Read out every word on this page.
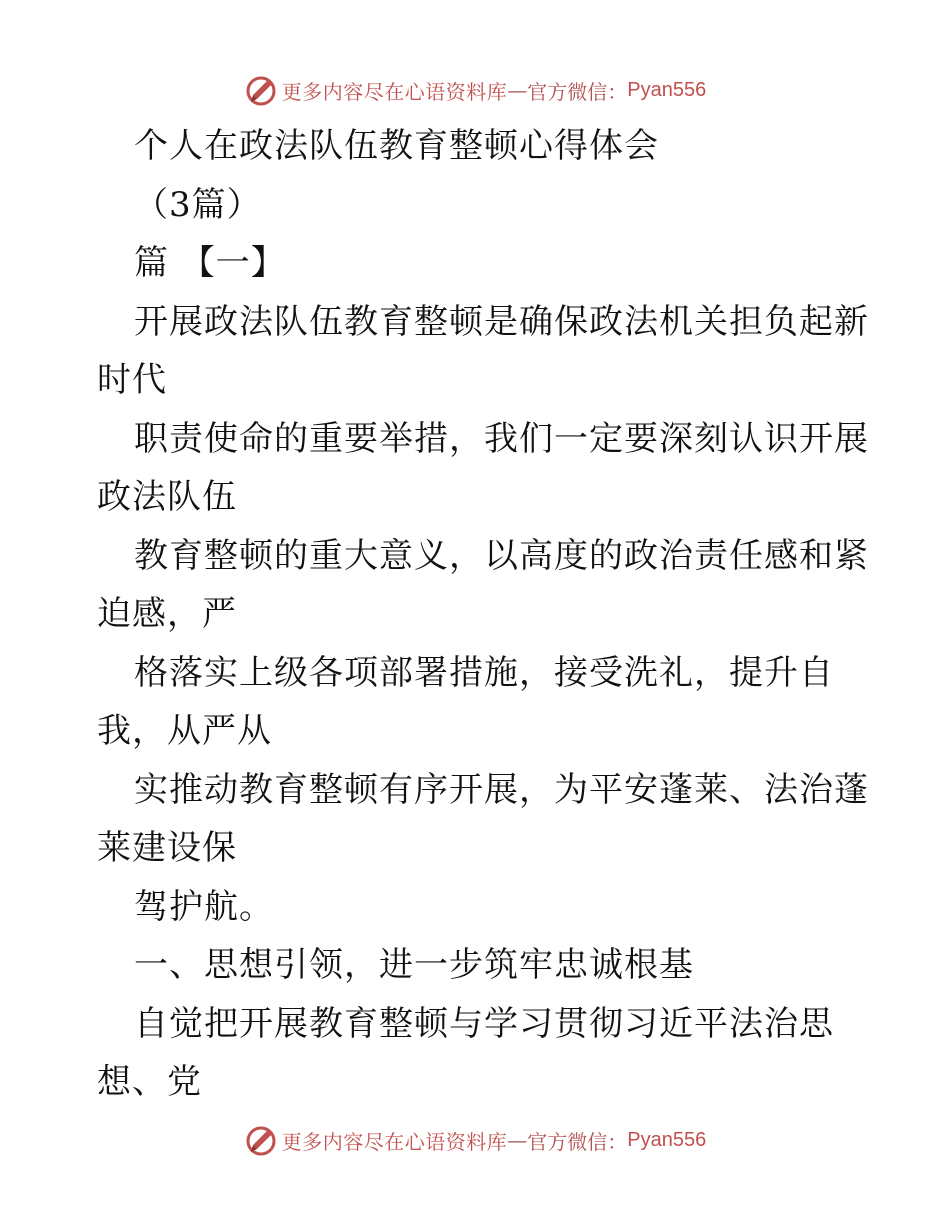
更多内容尽在心语资料库 — 官方微信： Pyan556
个人在政法队伍教育整顿心得体会
（3篇）
篇 【一】
开展政法队伍教育整顿是确保政法机关担负起新
时代
职责使命的重要举措，我们一定要深刻认识开展
政法队伍
教育整顿的重大意义，以高度的政治责任感和紧
迫感，严
格落实上级各项部署措施，接受洗礼，提升自
我，从严从
实推动教育整顿有序开展，为平安蓬莱、法治蓬
莱建设保
驾护航。
一、思想引领，进一步筑牢忠诚根基
自觉把开展教育整顿与学习贯彻习近平法治思
想、党
更多内容尽在心语资料库 — 官方微信： Pyan556
